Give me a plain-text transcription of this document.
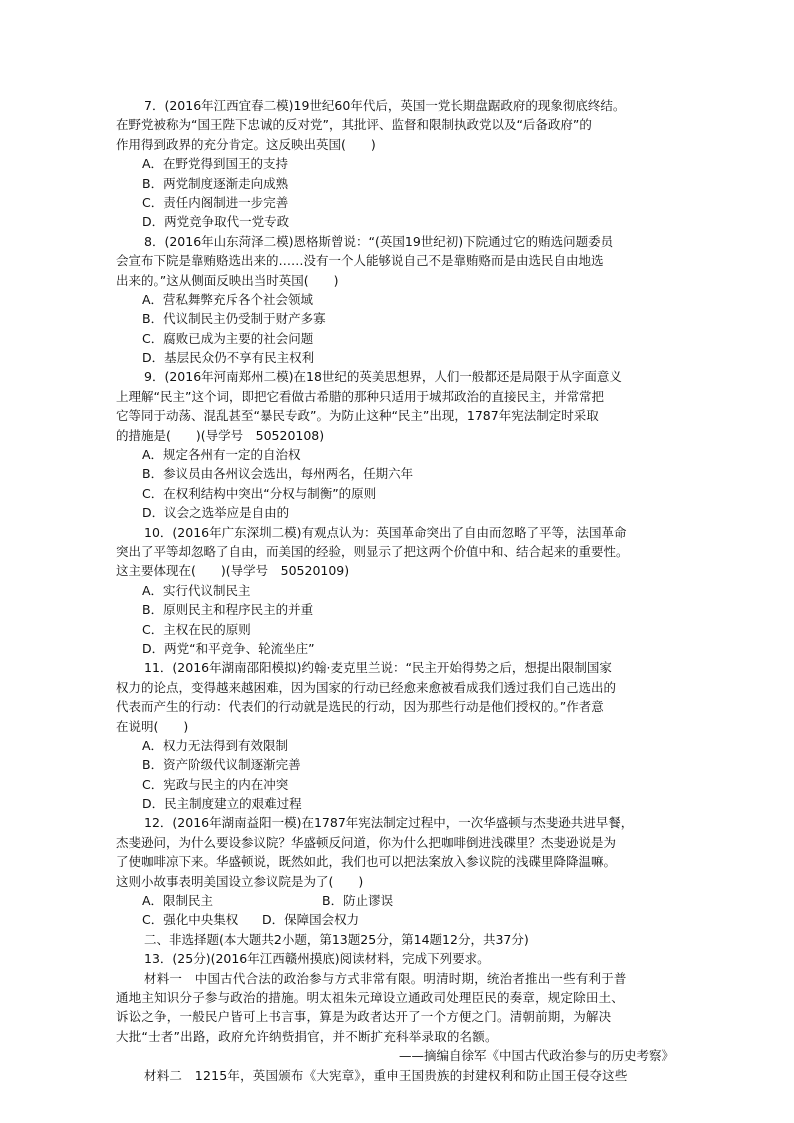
7．(2016年江西宜春二模)19世纪60年代后，英国一党长期盘踞政府的现象彻底终结。
在野党被称为“国王陛下忠诚的反对党”，其批评、监督和限制执政党以及“后备政府”的
作用得到政界的充分肯定。这反映出英国(　　)
A．在野党得到国王的支持
B．两党制度逐渐走向成熟
C．责任内阁制进一步完善
D．两党竞争取代一党专政
8．(2016年山东菏泽二模)恩格斯曾说：“(英国19世纪初)下院通过它的贿选问题委员
会宣布下院是靠贿赂选出来的……没有一个人能够说自己不是靠贿赂而是由选民自由地选
出来的。”这从侧面反映出当时英国(　　)
A．营私舞弊充斥各个社会领域
B．代议制民主仍受制于财产多寡
C．腐败已成为主要的社会问题
D．基层民众仍不享有民主权利
9．(2016年河南郑州二模)在18世纪的英美思想界，人们一般都还是局限于从字面意义
上理解“民主”这个词，即把它看做古希腊的那种只适用于城邦政治的直接民主，并常常把
它等同于动荡、混乱甚至“暴民专政”。为防止这种“民主”出现，1787年宪法制定时采取
的措施是(　　)(导学号　50520108)
A．规定各州有一定的自治权
B．参议员由各州议会选出，每州两名，任期六年
C．在权利结构中突出“分权与制衡”的原则
D．议会之选举应是自由的
10．(2016年广东深圳二模)有观点认为：英国革命突出了自由而忽略了平等，法国革命
突出了平等却忽略了自由，而美国的经验，则显示了把这两个价值中和、结合起来的重要性。
这主要体现在(　　)(导学号　50520109)
A．实行代议制民主
B．原则民主和程序民主的并重
C．主权在民的原则
D．两党“和平竞争、轮流坐庄”
11．(2016年湖南邵阳模拟)约翰·麦克里兰说：“民主开始得势之后，想提出限制国家
权力的论点，变得越来越困难，因为国家的行动已经愈来愈被看成我们透过我们自己选出的
代表而产生的行动：代表们的行动就是选民的行动，因为那些行动是他们授权的。”作者意
在说明(　　)
A．权力无法得到有效限制
B．资产阶级代议制逐渐完善
C．宪政与民主的内在冲突
D．民主制度建立的艰难过程
12．(2016年湖南益阳一模)在1787年宪法制定过程中，一次华盛顿与杰斐逊共进早餐，
杰斐逊问，为什么要设参议院？华盛顿反问道，你为什么把咖啡倒进浅碟里？杰斐逊说是为
了使咖啡凉下来。华盛顿说，既然如此，我们也可以把法案放入参议院的浅碟里降降温嘛。
这则小故事表明美国设立参议院是为了(　　)
A．限制民主	B．防止谬误
C．强化中央集权 D．保障国会权力
二、非选择题(本大题共2小题，第13题25分，第14题12分，共37分)
13．(25分)(2016年江西赣州摸底)阅读材料，完成下列要求。
材料一　中国古代合法的政治参与方式非常有限。明清时期，统治者推出一些有利于普
通地主知识分子参与政治的措施。明太祖朱元璋设立通政司处理臣民的奏章，规定除田土、
诉讼之争，一般民户皆可上书言事，算是为政者达开了一个方便之门。清朝前期，为解决
大批“士者”出路，政府允许纳赀捐官，并不断扩充科举录取的名额。
——摘编自徐军《中国古代政治参与的历史考察》
材料二　1215年，英国颁布《大宪章》，重申王国贵族的封建权利和防止国王侵夺这些
